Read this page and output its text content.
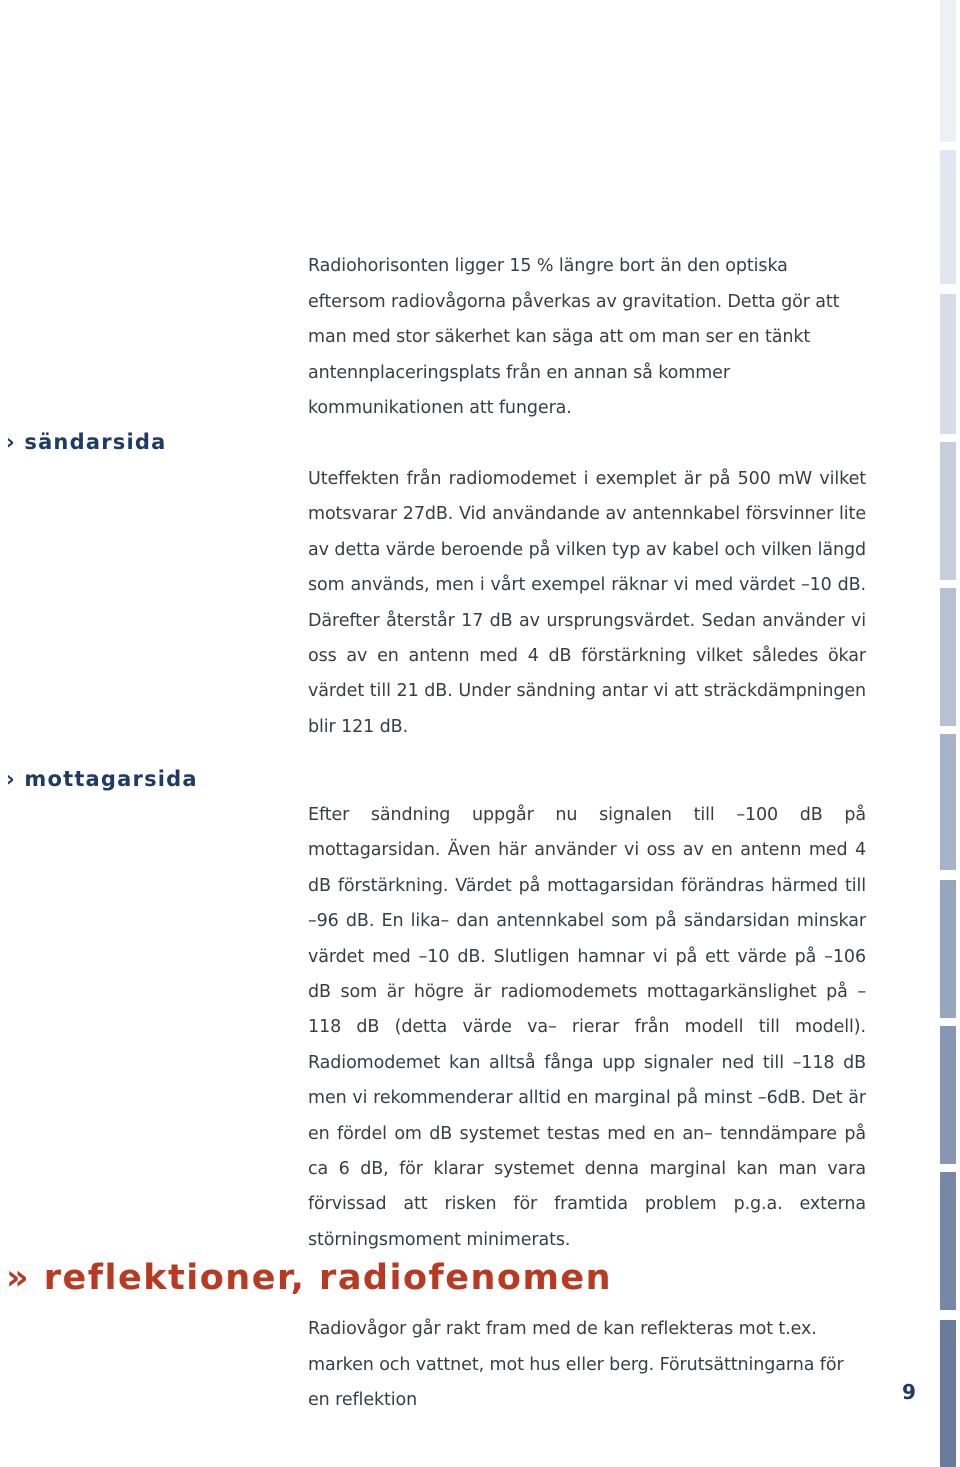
Radiohorisonten ligger 15 % längre bort än den optiska eftersom radiovågorna påverkas av gravitation. Detta gör att man med stor säkerhet kan säga att om man ser en tänkt antennplaceringsplats från en annan så kommer kommunikationen att fungera.

› sändarsida

Uteffekten från radiomodemet i exemplet är på 500 mW vilket motsvarar 27dB. Vid användande av antennkabel försvinner lite av detta värde beroende på vilken typ av kabel och vilken längd som används, men i vårt exempel räknar vi med värdet –10 dB. Därefter återstår 17 dB av ursprungsvärdet. Sedan använder vi oss av en antenn med 4 dB förstärkning vilket således ökar värdet till 21 dB. Under sändning antar vi att sträckdämpningen blir 121 dB.

› mottagarsida

Efter sändning uppgår nu signalen till –100 dB på mottagarsidan. Även här använder vi oss av en antenn med 4 dB förstärkning. Värdet på mottagarsidan förändras härmed till –96 dB. En lika– dan antennkabel som på sändarsidan minskar värdet med –10 dB. Slutligen hamnar vi på ett värde på –106 dB som är högre är radiomodemets mottagarkänslighet på –118 dB (detta värde va– rierar från modell till modell). Radiomodemet kan alltså fånga upp signaler ned till –118 dB men vi rekommenderar alltid en marginal på minst –6dB. Det är en fördel om dB systemet testas med en an– tenndämpare på ca 6 dB, för klarar systemet denna marginal kan man vara förvissad att risken för framtida problem p.g.a. externa störningsmoment minimerats.

» reflektioner, radiofenomen

Radiovågor går rakt fram med de kan reflekteras mot t.ex. marken och vattnet, mot hus eller berg. Förutsättningarna för en reflektion	9
